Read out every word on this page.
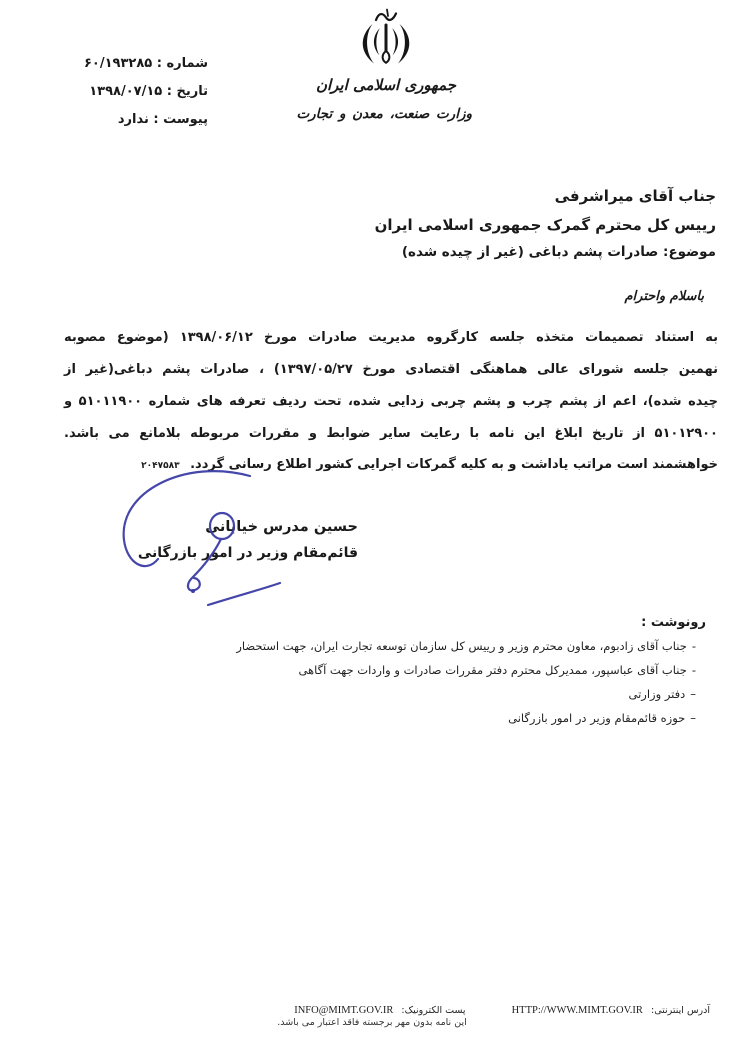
شماره : ۶۰/۱۹۳۲۸۵
تاریخ : ۱۳۹۸/۰۷/۱۵
پیوست : ندارد
جمهوری اسلامی ایران
وزارت صنعت، معدن و تجارت
جناب آقای میراشرفی
رییس کل محترم گمرک جمهوری اسلامی ایران
موضوع: صادرات پشم دباغی (غیر از چیده شده)
باسلام واحترام
به استناد تصمیمات متخذه جلسه کارگروه مدیریت صادرات مورخ ۱۳۹۸/۰۶/۱۲ (موضوع مصوبه
نهمین جلسه شورای عالی هماهنگی اقتصادی مورخ ۱۳۹۷/۰۵/۲۷) ، صادرات پشم دباغی(غیر از
چیده شده)، اعم از پشم چرب و پشم چربی زدایی شده، تحت ردیف تعرفه های شماره ۵۱۰۱۱۹۰۰ و
۵۱۰۱۲۹۰۰ از تاریخ ابلاغ این نامه با رعایت سایر ضوابط و مقررات مربوطه بلامانع می باشد.
خواهشمند است مراتب یاداشت و به کلیه گمرکات اجرایی کشور اطلاع رسانی گردد. ۲۰۴۷۵۸۳
حسین مدرس خیابانی
قائم‌مقام وزیر در امور بازرگانی
رونوشت :
-جناب آقای زادبوم، معاون محترم وزیر و رییس کل سازمان توسعه تجارت ایران، جهت استحضار
-جناب آقای عباسپور، ممدیرکل محترم دفتر مقررات صادرات و واردات جهت آگاهی
–دفتر وزارتی
–حوزه قائم‌مقام وزیر در امور بازرگانی
آدرس اینترنتی: HTTP://WWW.MIMT.GOV.IR
پست الکترونیک: INFO@MIMT.GOV.IR
این نامه بدون مهر برجسته فاقد اعتبار می باشد.
